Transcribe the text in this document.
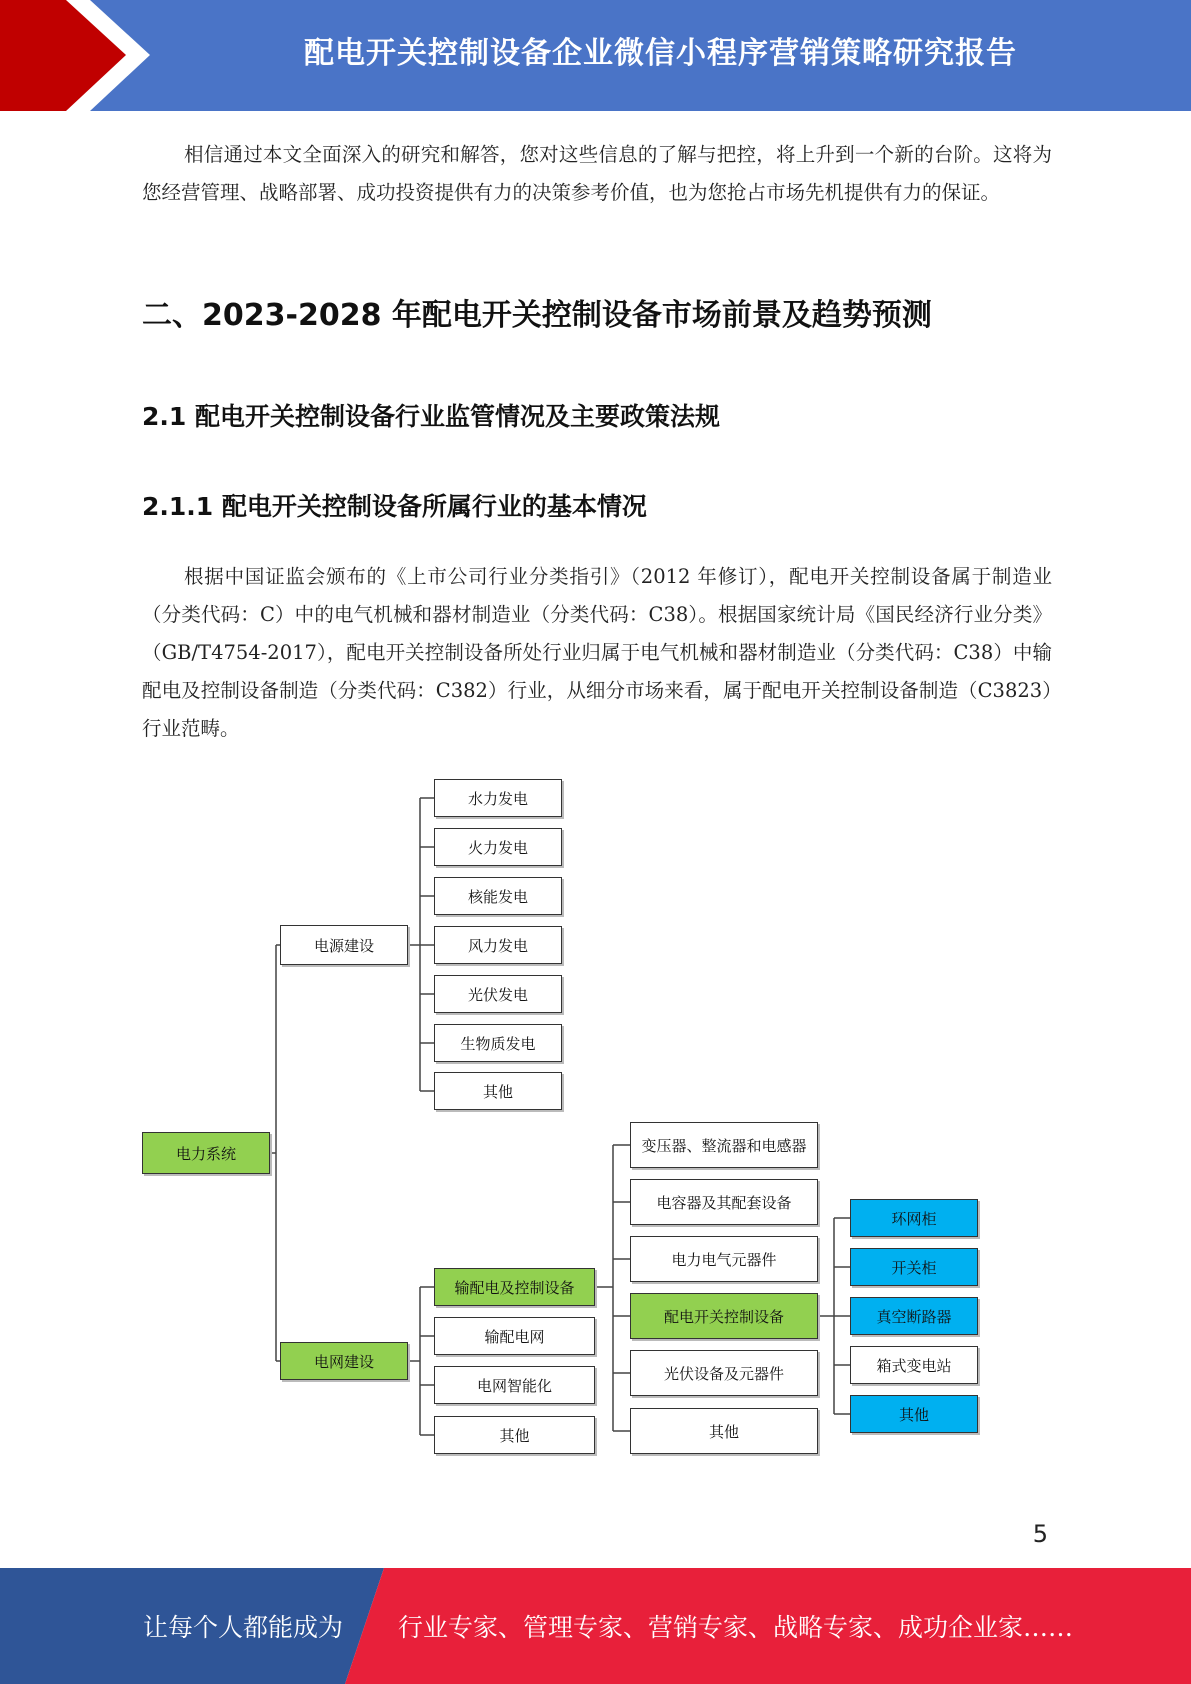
配电开关控制设备企业微信小程序营销策略研究报告
相信通过本文全面深入的研究和解答，您对这些信息的了解与把控，将上升到一个新的台阶。这将为您经营管理、战略部署、成功投资提供有力的决策参考价值，也为您抢占市场先机提供有力的保证。
二、2023-2028 年配电开关控制设备市场前景及趋势预测
2.1 配电开关控制设备行业监管情况及主要政策法规
2.1.1 配电开关控制设备所属行业的基本情况
根据中国证监会颁布的《上市公司行业分类指引》（2012 年修订），配电开关控制设备属于制造业（分类代码：C）中的电气机械和器材制造业（分类代码：C38）。根据国家统计局《国民经济行业分类》（GB/T4754-2017），配电开关控制设备所处行业归属于电气机械和器材制造业（分类代码：C38）中输配电及控制设备制造（分类代码：C382）行业，从细分市场来看，属于配电开关控制设备制造（C3823）行业范畴。
电力系统
电源建设
电网建设
水力发电
火力发电
核能发电
风力发电
光伏发电
生物质发电
其他
输配电及控制设备
输配电网
电网智能化
其他
变压器、整流器和电感器
电容器及其配套设备
电力电气元器件
配电开关控制设备
光伏设备及元器件
其他
环网柜
开关柜
真空断路器
箱式变电站
其他
5
让每个人都能成为 行业专家、管理专家、营销专家、战略专家、成功企业家……
